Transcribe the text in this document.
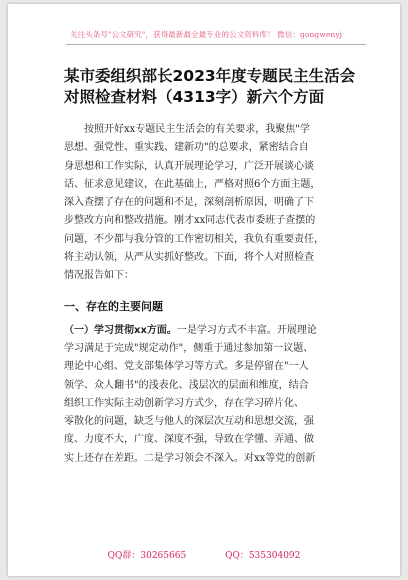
关注头条号"公文研究"，获得最新最全最专业的公文资料库！ 微信：gongwenyj
某市委组织部长2023年度专题民主生活会
对照检查材料（4313字）新六个方面

　　按照开好xx专题民主生活会的有关要求，我聚焦"学
思想、强党性、重实践、建新功"的总要求，紧密结合自
身思想和工作实际，认真开展理论学习，广泛开展谈心谈
话、征求意见建议，在此基础上，严格对照6个方面主题，
深入查摆了存在的问题和不足，深刻剖析原因，明确了下
步整改方向和整改措施。刚才xx同志代表市委班子查摆的
问题，不少都与我分管的工作密切相关，我负有重要责任，
将主动认领，从严从实抓好整改。下面，将个人对照检查
情况报告如下：

一、存在的主要问题

（一）学习贯彻xx方面。一是学习方式不丰富。开展理论
学习满足于完成"规定动作"，侧重于通过参加第一议题、
理论中心组、党支部集体学习等方式。多是停留在"一人
领学、众人翻书"的浅表化、浅层次的层面和维度，结合
组织工作实际主动创新学习方式少，存在学习碎片化、
零散化的问题，缺乏与他人的深层次互动和思想交流，强
度、力度不大，广度、深度不强，导致在学懂、弄通、做
实上还存在差距。二是学习领会不深入。对xx等党的创新

QQ群：30265665	QQ：535304092
